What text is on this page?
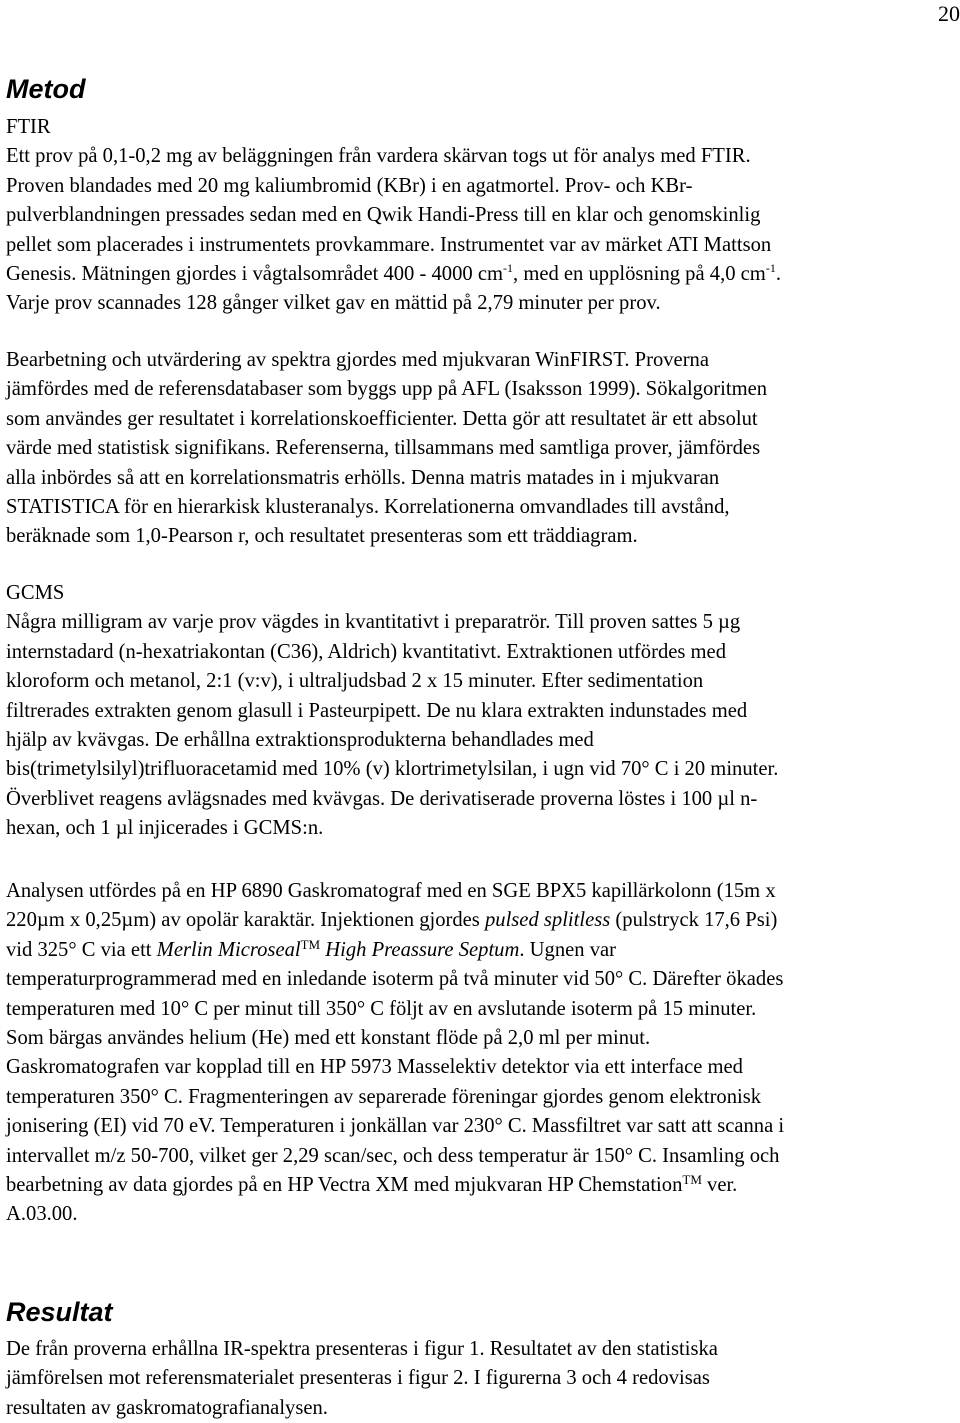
20
Metod
FTIR
Ett prov på 0,1-0,2 mg av beläggningen från vardera skärvan togs ut för analys med FTIR.
Proven blandades med 20 mg kaliumbromid (KBr) i en agatmortel. Prov- och KBr-
pulverblandningen pressades sedan med en Qwik Handi-Press till en klar och genomskinlig
pellet som placerades i instrumentets provkammare. Instrumentet var av märket ATI Mattson
Genesis. Mätningen gjordes i vågtalsområdet 400 - 4000 $cm^{-1}$, med en upplösning på 4,0 $cm^{-1}$.
Varje prov scannades 128 gånger vilket gav en mättid på 2,79 minuter per prov.
Bearbetning och utvärdering av spektra gjordes med mjukvaran WinFIRST. Proverna
jämfördes med de referensdatabaser som byggs upp på AFL (Isaksson 1999). Sökalgoritmen
som användes ger resultatet i korrelationskoefficienter. Detta gör att resultatet är ett absolut
värde med statistisk signifikans. Referenserna, tillsammans med samtliga prover, jämfördes
alla inbördes så att en korrelationsmatris erhölls. Denna matris matades in i mjukvaran
STATISTICA för en hierarkisk klusteranalys. Korrelationerna omvandlades till avstånd,
beräknade som 1,0-Pearson r, och resultatet presenteras som ett träddiagram.
GCMS
Några milligram av varje prov vägdes in kvantitativt i preparatrör. Till proven sattes 5 µg
internstadard (n-hexatriakontan (C36), Aldrich) kvantitativt. Extraktionen utfördes med
kloroform och metanol, 2:1 (v:v), i ultraljudsbad 2 x 15 minuter. Efter sedimentation
filtrerades extrakten genom glasull i Pasteurpipett. De nu klara extrakten indunstades med
hjälp av kvävgas. De erhållna extraktionsprodukterna behandlades med
bis(trimetylsilyl)trifluoracetamid med 10% (v) klortrimetylsilan, i ugn vid 70° C i 20 minuter.
Överblivet reagens avlägsnades med kvävgas. De derivatiserade proverna löstes i 100 µl n-
hexan, och 1 µl injicerades i GCMS:n.
Analysen utfördes på en HP 6890 Gaskromatograf med en SGE BPX5 kapillärkolonn (15m x
220µm x 0,25µm) av opolär karaktär. Injektionen gjordes pulsed splitless (pulstryck 17,6 Psi)
vid 325° C via ett Merlin Microseal™ High Preassure Septum. Ugnen var
temperaturprogrammerad med en inledande isoterm på två minuter vid 50° C. Därefter ökades
temperaturen med 10° C per minut till 350° C följt av en avslutande isoterm på 15 minuter.
Som bärgas användes helium (He) med ett konstant flöde på 2,0 ml per minut.
Gaskromatografen var kopplad till en HP 5973 Masselektiv detektor via ett interface med
temperaturen 350° C. Fragmenteringen av separerade föreningar gjordes genom elektronisk
jonisering (EI) vid 70 eV. Temperaturen i jonkällan var 230° C. Massfiltret var satt att scanna i
intervallet m/z 50-700, vilket ger 2,29 scan/sec, och dess temperatur är 150° C. Insamling och
bearbetning av data gjordes på en HP Vectra XM med mjukvaran HP Chemstation™ ver.
A.03.00.
Resultat
De från proverna erhållna IR-spektra presenteras i figur 1. Resultatet av den statistiska
jämförelsen mot referensmaterialet presenteras i figur 2. I figurerna 3 och 4 redovisas
resultaten av gaskromatografianalysen.
